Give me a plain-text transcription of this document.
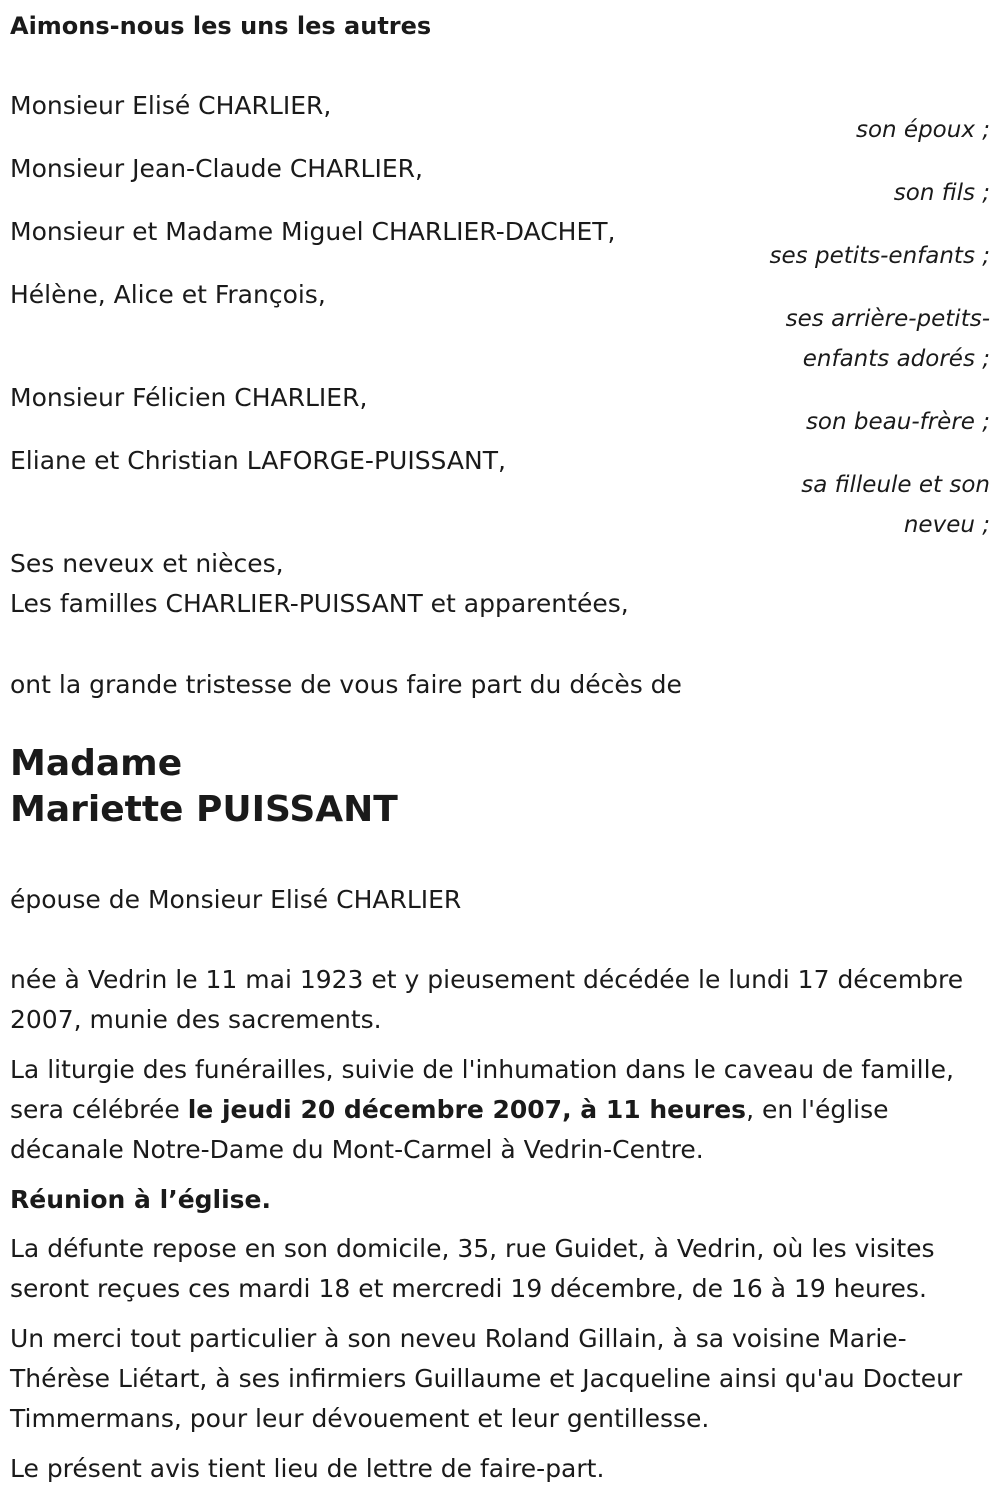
Aimons-nous les uns les autres
Monsieur Elisé CHARLIER,
Monsieur Jean-Claude CHARLIER,
Monsieur et Madame Miguel CHARLIER-DACHET,
Hélène, Alice et François,
Monsieur Félicien CHARLIER,
Eliane et Christian LAFORGE-PUISSANT,
son époux ;
son fils ;
ses petits-enfants ;
ses arrière-petits-enfants adorés ;
son beau-frère ;
sa filleule et son neveu ;
Ses neveux et nièces,
Les familles CHARLIER-PUISSANT et apparentées,
ont la grande tristesse de vous faire part du décès de
Madame
Mariette PUISSANT
épouse de Monsieur Elisé CHARLIER
née à Vedrin le 11 mai 1923 et y pieusement décédée le lundi 17 décembre 2007, munie des sacrements.
La liturgie des funérailles, suivie de l'inhumation dans le caveau de famille, sera célébrée le jeudi 20 décembre 2007, à 11 heures, en l'église décanale Notre-Dame du Mont-Carmel à Vedrin-Centre.
Réunion à l’église.
La défunte repose en son domicile, 35, rue Guidet, à Vedrin, où les visites seront reçues ces mardi 18 et mercredi 19 décembre, de 16 à 19 heures.
Un merci tout particulier à son neveu Roland Gillain, à sa voisine Marie-Thérèse Liétart, à ses infirmiers Guillaume et Jacqueline ainsi qu'au Docteur Timmermans, pour leur dévouement et leur gentillesse.
Le présent avis tient lieu de lettre de faire-part.
